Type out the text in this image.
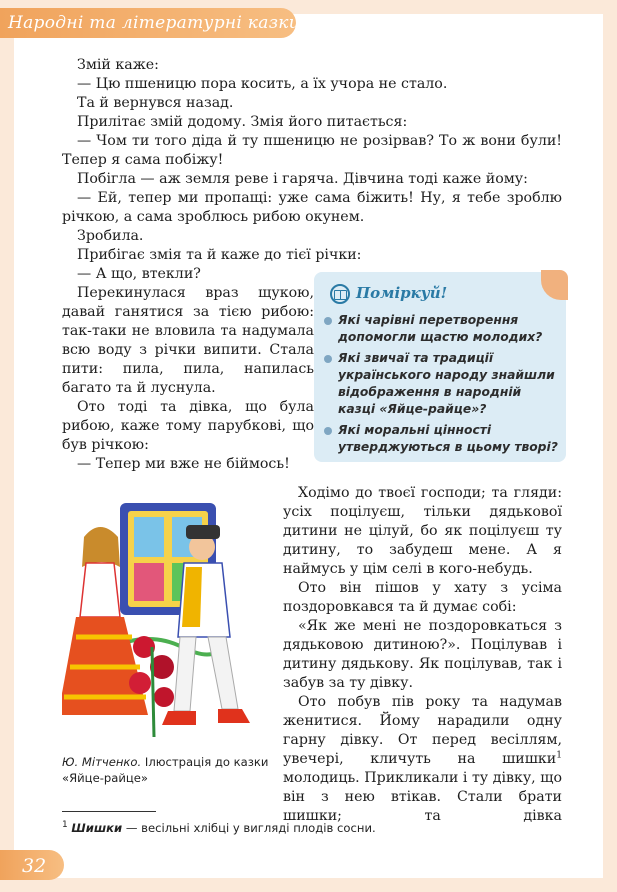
Народні та літературні казки

Змій каже:

— Цю пшеницю пора косить, а їх учора не стало.

Та й вернувся назад.

Прилітає змій додому. Змія його питається:

— Чом ти того діда й ту пшеницю не розірвав? То ж вони були! Тепер я сама побіжу!

Побігла — аж земля реве і гаряча. Дівчина тоді каже йому:

— Ей, тепер ми пропащі: уже сама біжить! Ну, я тебе зроблю річкою, а сама зроблюсь рибою окунем.

Зробила.

Прибігає змія та й каже до тієї річки:

— А що, втекли?

Перекинулася враз щукою, давай ганятися за тією рибою: так-таки не вловила та надумала всю воду з річки випити. Стала пити: пила, пила, напилась багато та й луснула.

Ото тоді та дівка, що була рибою, каже тому парубкові, що був річкою:

— Тепер ми вже не біймось!

Поміркуй!
Які чарівні перетворення допомогли щастю молодих?
Які звичаї та традиції українського народу знайшли відображення в народній казці «Яйце-райце»?
Які моральні цінності утверджуються в цьому творі?
Ю. Мітченко. Ілюстрація до казки «Яйце-райце»

Ходімо до твоєї господи; та гляди: усіх поцілуєш, тільки дядькової дитини не цілуй, бо як поцілуєш ту дитину, то забудеш мене. А я наймусь у цім селі в кого-небудь.

Ото він пішов у хату з усіма поздоровкався та й думає собі:

«Як же мені не поздоровкаться з дядьковою дитиною?». Поцілував і дитину дядькову. Як поцілував, так і забув за ту дівку.

Ото побув пів року та надумав женитися. Йому нарадили одну гарну дівку. От перед весіллям, увечері, кличуть на шишки$^1$ молодиць. Прикликали і ту дівку, що він з нею втікав. Стали брати шишки; та дівка

$^1$ Шишки — весільні хлібці у вигляді плодів сосни.
32
